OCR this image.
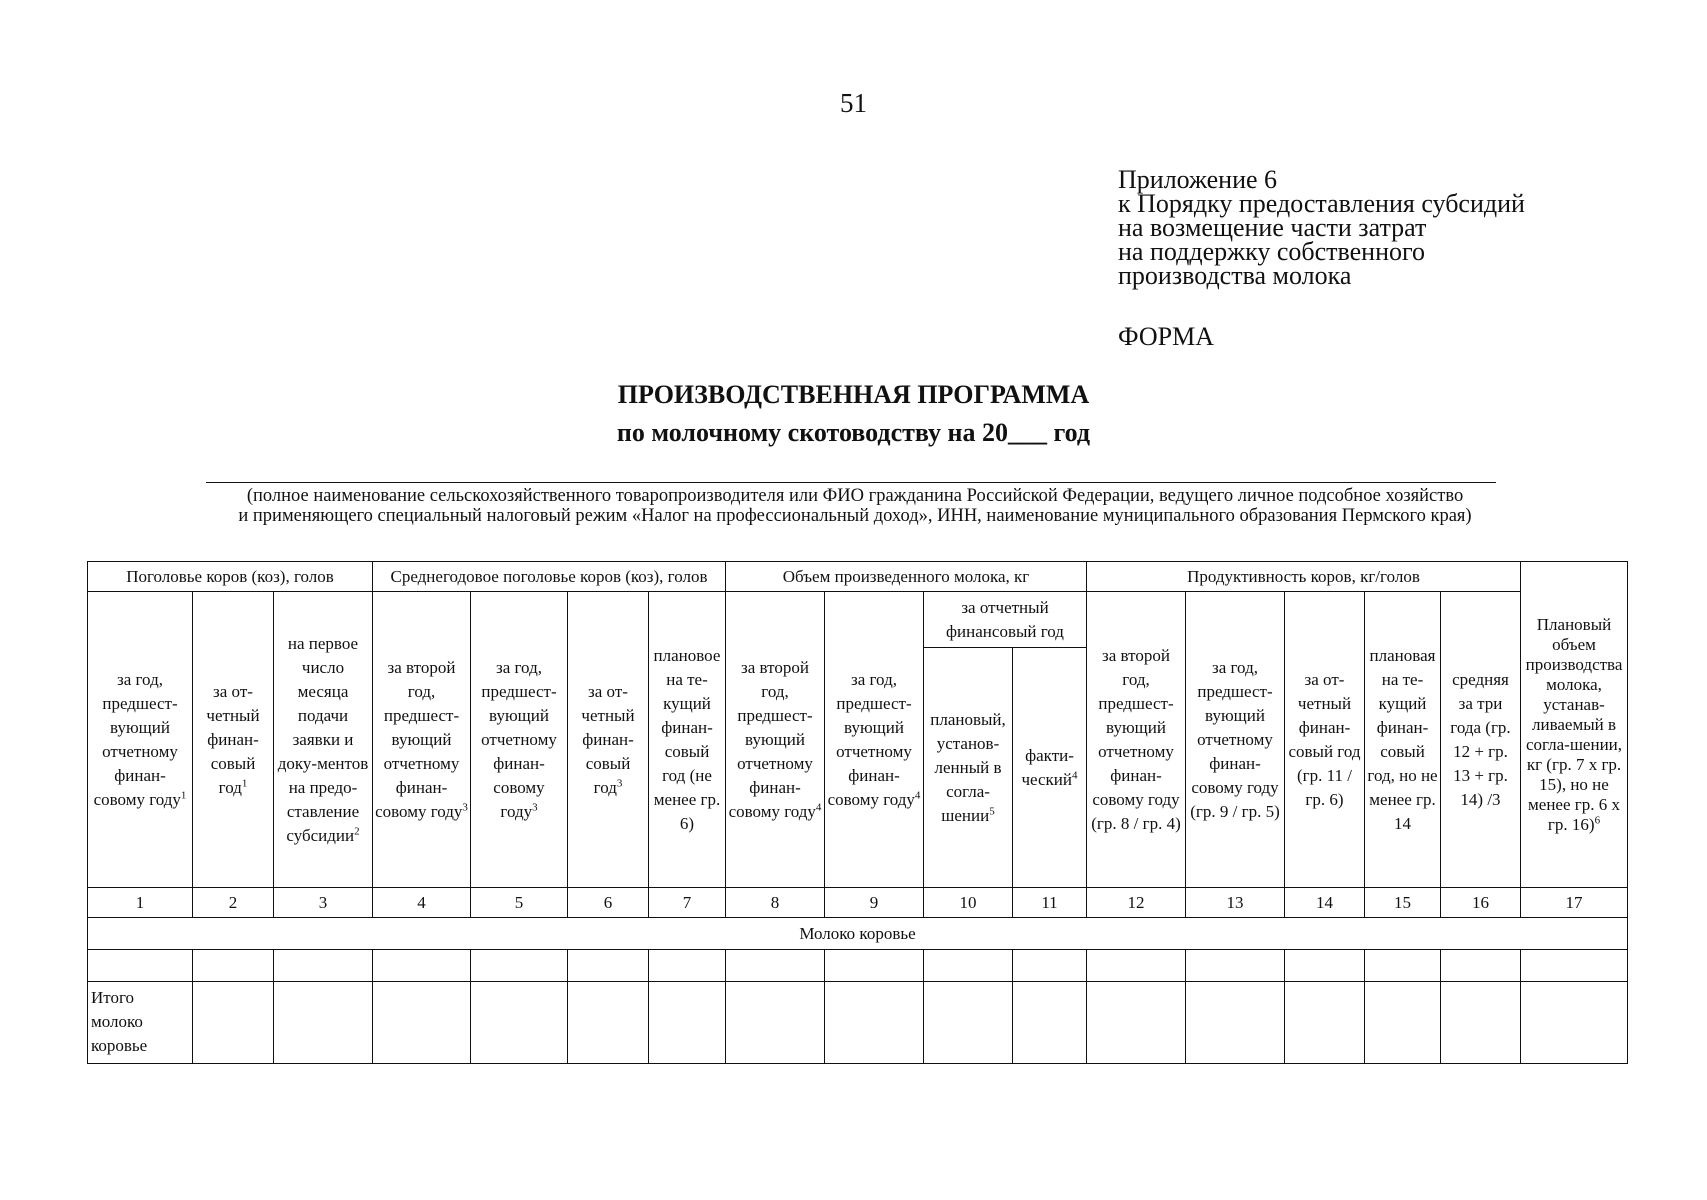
51
Приложение 6
к Порядку предоставления субсидий
на возмещение части затрат
на поддержку собственного
производства молока
ФОРМА
ПРОИЗВОДСТВЕННАЯ ПРОГРАММА
по молочному скотоводству на 20___ год
(полное наименование сельскохозяйственного товаропроизводителя или ФИО гражданина Российской Федерации, ведущего личное подсобное хозяйство
и применяющего специальный налоговый режим «Налог на профессиональный доход», ИНН, наименование муниципального образования Пермского края)
Поголовье коров (коз), голов			Среднегодовое поголовье коров (коз), голов				Объем произведенного молока, кг				Продуктивность коров, кг/голов					Плановый объем производства молока, устанав-ливаемый в согла-шении, кг (гр. 7 х гр. 15), но не менее гр. 6 х гр. 16)$^6$
за год, предшест-вующий отчетному финан-совому году$^1$	за от-четный финан-совый год$^1$	на первое число месяца подачи заявки и доку-ментов на предо-ставление субсидии$^2$	за второй год, предшест-вующий отчетному финан-совому году$^3$	за год, предшест-вующий отчетному финан-совому году$^3$	за от-четный финан-совый год$^3$	плановое на те-кущий финан-совый год (не менее гр. 6)	за второй год, предшест-вующий отчетному финан-совому году$^4$	за год, предшест-вующий отчетному финан-совому году$^4$	за отчетный финансовый год		за второй год, предшест-вующий отчетному финан-совому году (гр. 8 / гр. 4)	за год, предшест-вующий отчетному финан-совому году (гр. 9 / гр. 5)	за от-четный финан-совый год (гр. 11 / гр. 6)	плановая на те-кущий финан-совый год, но не менее гр. 14	средняя за три года (гр. 12 + гр. 13 + гр. 14) /3	
									плановый, установ-ленный в согла-шении$^5$	факти-ческий$^4$
1	2	3	4	5	6	7	8	9	10	11	12	13	14	15	16	17
Молоко коровье																

Итого молоко коровье																
